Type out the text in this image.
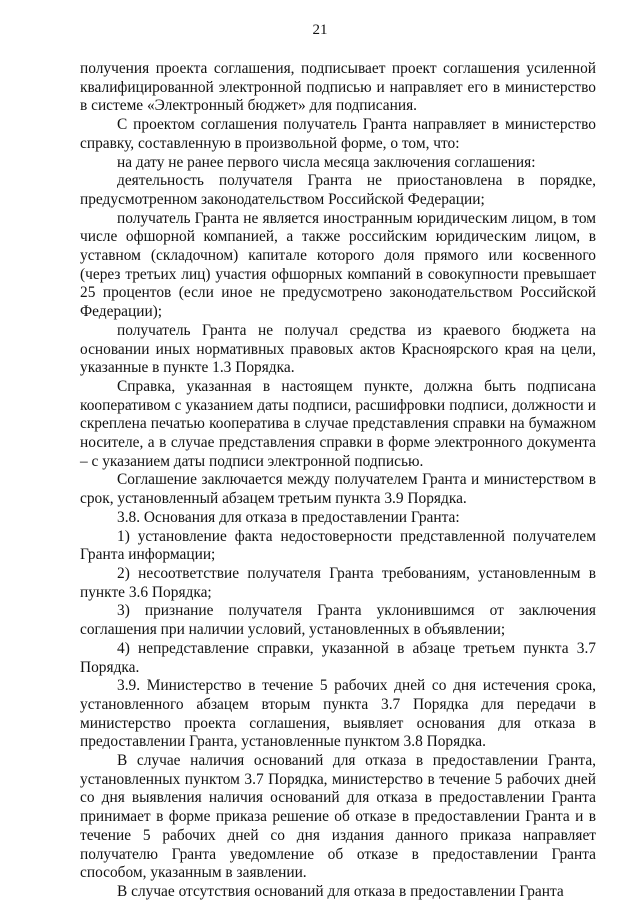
21

получения проекта соглашения, подписывает проект соглашения усиленной квалифицированной электронной подписью и направляет его в министерство в системе «Электронный бюджет» для подписания.

С проектом соглашения получатель Гранта направляет в министерство справку, составленную в произвольной форме, о том, что:

на дату не ранее первого числа месяца заключения соглашения:

деятельность получателя Гранта не приостановлена в порядке, предусмотренном законодательством Российской Федерации;

получатель Гранта не является иностранным юридическим лицом, в том числе офшорной компанией, а также российским юридическим лицом, в уставном (складочном) капитале которого доля прямого или косвенного (через третьих лиц) участия офшорных компаний в совокупности превышает 25 процентов (если иное не предусмотрено законодательством Российской Федерации);

получатель Гранта не получал средства из краевого бюджета на основании иных нормативных правовых актов Красноярского края на цели, указанные в пункте 1.3 Порядка.

Справка, указанная в настоящем пункте, должна быть подписана кооперативом с указанием даты подписи, расшифровки подписи, должности и скреплена печатью кооператива в случае представления справки на бумажном носителе, а в случае представления справки в форме электронного документа – с указанием даты подписи электронной подписью.

Соглашение заключается между получателем Гранта и министерством в срок, установленный абзацем третьим пункта 3.9 Порядка.

3.8. Основания для отказа в предоставлении Гранта:

1) установление факта недостоверности представленной получателем Гранта информации;

2) несоответствие получателя Гранта требованиям, установленным в пункте 3.6 Порядка;

3) признание получателя Гранта уклонившимся от заключения соглашения при наличии условий, установленных в объявлении;

4) непредставление справки, указанной в абзаце третьем пункта 3.7 Порядка.

3.9. Министерство в течение 5 рабочих дней со дня истечения срока, установленного абзацем вторым пункта 3.7 Порядка для передачи в министерство проекта соглашения, выявляет основания для отказа в предоставлении Гранта, установленные пунктом 3.8 Порядка.

В случае наличия оснований для отказа в предоставлении Гранта, установленных пунктом 3.7 Порядка, министерство в течение 5 рабочих дней со дня выявления наличия оснований для отказа в предоставлении Гранта принимает в форме приказа решение об отказе в предоставлении Гранта и в течение 5 рабочих дней со дня издания данного приказа направляет получателю Гранта уведомление об отказе в предоставлении Гранта способом, указанным в заявлении.

В случае отсутствия оснований для отказа в предоставлении Гранта
